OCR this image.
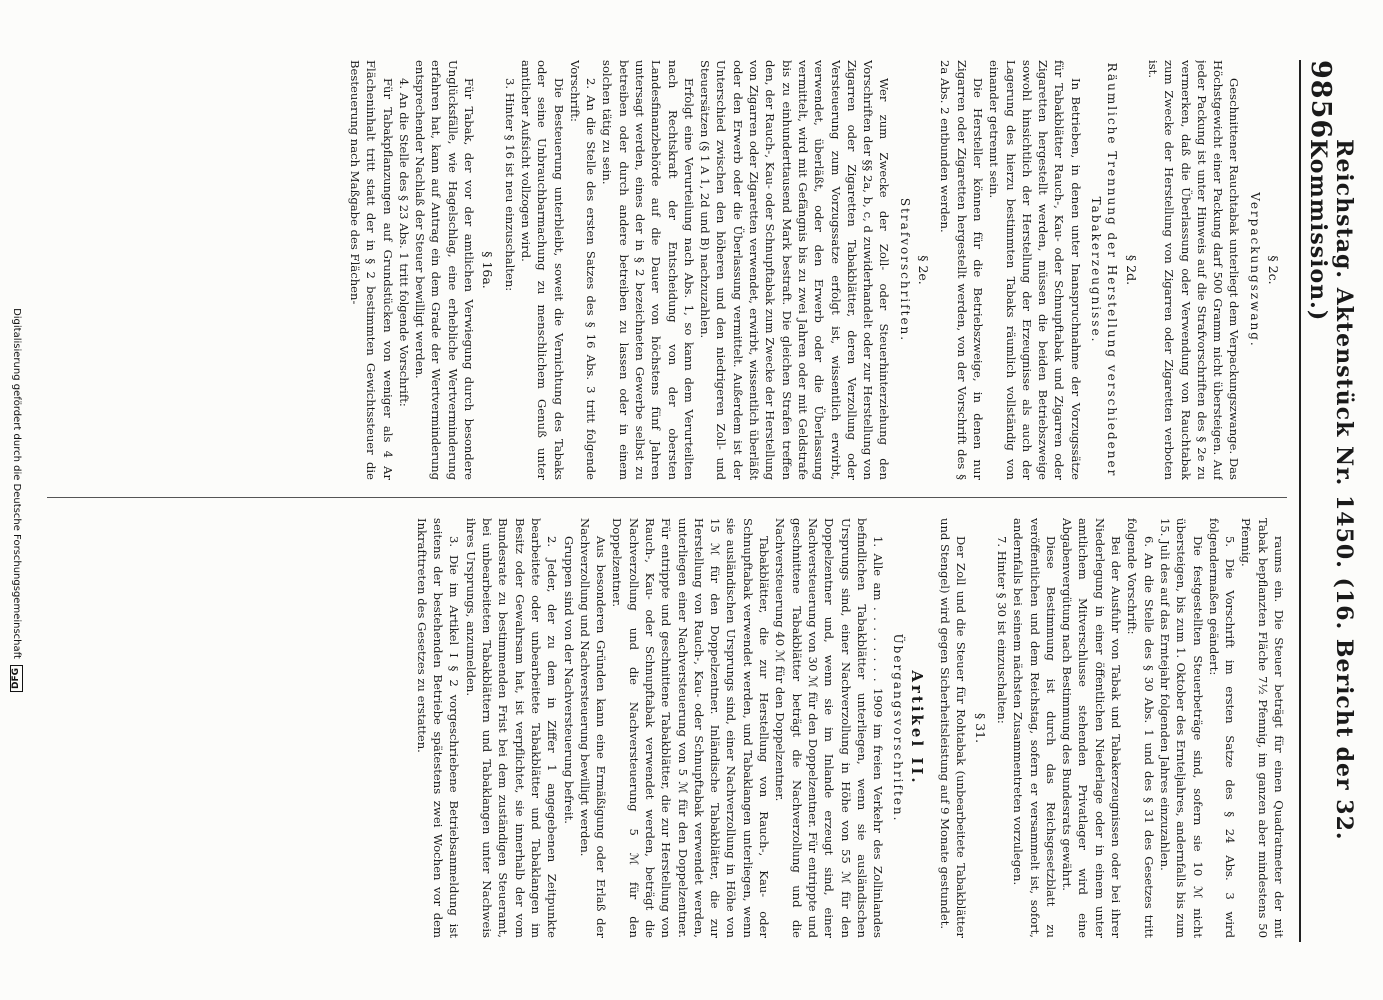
9856
Reichstag. Aktenstück Nr. 1450. (16. Bericht der 32. Kommission.)
§ 2c.
Verpackungszwang.
Geschnittener Rauchtabak unterliegt dem Verpackungszwange. Das Höchstgewicht einer Packung darf 500 Gramm nicht übersteigen. Auf jeder Packung ist unter Hinweis auf die Strafvorschriften des § 2e zu vermerken, daß die Überlassung oder Verwendung von Rauchtabak zum Zwecke der Herstellung von Zigarren oder Zigaretten verboten ist.
§ 2d.
Räumliche Trennung der Herstellung verschiedener Tabakerzeugnisse.
In Betrieben, in denen unter Inanspruchnahme der Vorzugssätze für Tabakblätter Rauch-, Kau- oder Schnupftabak und Zigarren oder Zigaretten hergestellt werden, müssen die beiden Betriebszweige sowohl hinsichtlich der Herstellung der Erzeugnisse als auch der Lagerung des hierzu bestimmten Tabaks räumlich vollständig von einander getrennt sein.
Die Hersteller können für die Betriebszweige, in denen nur Zigarren oder Zigaretten hergestellt werden, von der Vorschrift des § 2a Abs. 2 entbunden werden.
§ 2e.
Strafvorschriften.
Wer zum Zwecke der Zoll- oder Steuerhinterziehung den Vorschriften der §§ 2a, b, c, d zuwiderhandelt oder zur Herstellung von Zigarren oder Zigaretten Tabakblätter, deren Verzollung oder Versteuerung zum Vorzugssatze erfolgt ist, wissentlich erwirbt, verwendet, überläßt, oder den Erwerb oder die Überlassung vermittelt, wird mit Gefängnis bis zu zwei Jahren oder mit Geldstrafe bis zu einhunderttausend Mark bestraft. Die gleichen Strafen treffen den, der Rauch-, Kau- oder Schnupftabak zum Zwecke der Herstellung von Zigarren oder Zigaretten verwendet, erwirbt, wissentlich überläßt oder den Erwerb oder die Überlassung vermittelt. Außerdem ist der Unterschied zwischen den höheren und den niedrigeren Zoll- und Steuersätzen (§ 1 A 1, 2d und B) nachzuzahlen.
Erfolgt eine Verurteilung nach Abs. 1, so kann dem Verurteilten nach Rechtskraft der Entscheidung von der obersten Landesfinanzbehörde auf die Dauer von höchstens fünf Jahren untersagt werden, eines der in § 2 bezeichneten Gewerbe selbst zu betreiben oder durch andere betreiben zu lassen oder in einem solchen tätig zu sein.
2. An die Stelle des ersten Satzes des § 16 Abs. 3 tritt folgende Vorschrift:
Die Besteuerung unterbleibt, soweit die Vernichtung des Tabaks oder seine Unbrauchbarmachung zu menschlichem Genuß unter amtlicher Aufsicht vollzogen wird.
3. Hinter § 16 ist neu einzuschalten:
§ 16a.
Für Tabak, der vor der amtlichen Verwiegung durch besondere Unglücksfälle, wie Hagelschlag, eine erhebliche Wertverminderung erfahren hat, kann auf Antrag ein dem Grade der Wertverminderung entsprechender Nachlaß der Steuer bewilligt werden.
4. An die Stelle des § 23 Abs. 1 tritt folgende Vorschrift:
Für Tabakpflanzungen auf Grundstücken von weniger als 4 Ar Flächeninhalt tritt statt der in § 2 bestimmten Gewichtssteuer die Besteuerung nach Maßgabe des Flächen-
raums ein. Die Steuer beträgt für einen Quadratmeter der mit Tabak bepflanzten Fläche 7½ Pfennig, im ganzen aber mindestens 50 Pfennig.
5. Die Vorschrift im ersten Satze des § 24 Abs. 3 wird folgendermaßen geändert:
Die festgestellten Steuerbeträge sind, sofern sie 10 ℳ nicht übersteigen, bis zum 1. Oktober des Ernteljahres, andernfalls bis zum 15. Juli des auf das Erntejahr folgenden Jahres einzuzahlen.
6. An die Stelle des § 30 Abs. 1 und des § 31 des Gesetzes tritt folgende Vorschrift:
Bei der Ausfuhr von Tabak und Tabakerzeugnissen oder bei ihrer Niederlegung in einer öffentlichen Niederlage oder in einem unter amtlichem Mitverschlusse stehenden Privatlager wird eine Abgabenvergütung nach Bestimmung des Bundesrats gewährt.
Diese Bestimmung ist durch das Reichsgesetzblatt zu veröffentlichen und dem Reichstag, sofern er versammelt ist, sofort, andernfalls bei seinem nächsten Zusammentreten vorzulegen.
7. Hinter § 30 ist einzuschalten:
§ 31.
Der Zoll und die Steuer für Rohtabak (unbearbeitete Tabakblätter und Stengel) wird gegen Sicherheitsleistung auf 9 Monate gestundet.
Artikel II.
Übergangsvorschriften.
1. Alle am . . . . . . . . 1909 im freien Verkehr des Zollinlandes befindlichen Tabakblätter unterliegen, wenn sie ausländischen Ursprungs sind, einer Nachverzollung in Höhe von 55 ℳ für den Doppelzentner und, wenn sie im Inlande erzeugt sind, einer Nachversteuerung von 30 ℳ für den Doppelzentner. Für entrippte und geschnittene Tabakblätter beträgt die Nachverzollung und die Nachversteuerung 40 ℳ für den Doppelzentner.
Tabakblätter, die zur Herstellung von Rauch-, Kau- oder Schnupftabak verwendet werden, und Tabaklangen unterliegen, wenn sie ausländischen Ursprungs sind, einer Nachverzollung in Höhe von 15 ℳ für den Doppelzentner. Inländische Tabakblätter, die zur Herstellung von Rauch-, Kau- oder Schnupftabak verwendet werden, unterliegen einer Nachversteuerung von 5 ℳ für den Doppelzentner. Für entrippte und geschnittene Tabakblätter, die zur Herstellung von Rauch-, Kau- oder Schnupftabak verwendet werden, beträgt die Nachverzollung und die Nachversteuerung 5 ℳ für den Doppelzentner.
Aus besonderen Gründen kann eine Ermäßigung oder Erlaß der Nachverzollung und Nachversteuerung bewilligt werden.
Gruppen sind von der Nachversteuerung befreit.
2. Jeder, der zu dem in Ziffer 1 angegebenen Zeitpunkte bearbeitete oder unbearbeitete Tabakblätter und Tabaklangen im Besitz oder Gewahrsam hat, ist verpflichtet, sie innerhalb der vom Bundesrate zu bestimmenden Frist bei dem zuständigen Steueramt, bei unbearbeiteten Tabakblättern und Tabaklangen unter Nachweis ihres Ursprungs, anzumelden.
3. Die im Artikel I § 2 vorgeschriebene Betriebsanmeldung ist seitens der bestehenden Betriebe spätestens zwei Wochen vor dem Inkrafttreten des Gesetzes zu erstatten.
Digitalisierung gefördert durch die Deutsche Forschungsgemeinschaft
DFG
